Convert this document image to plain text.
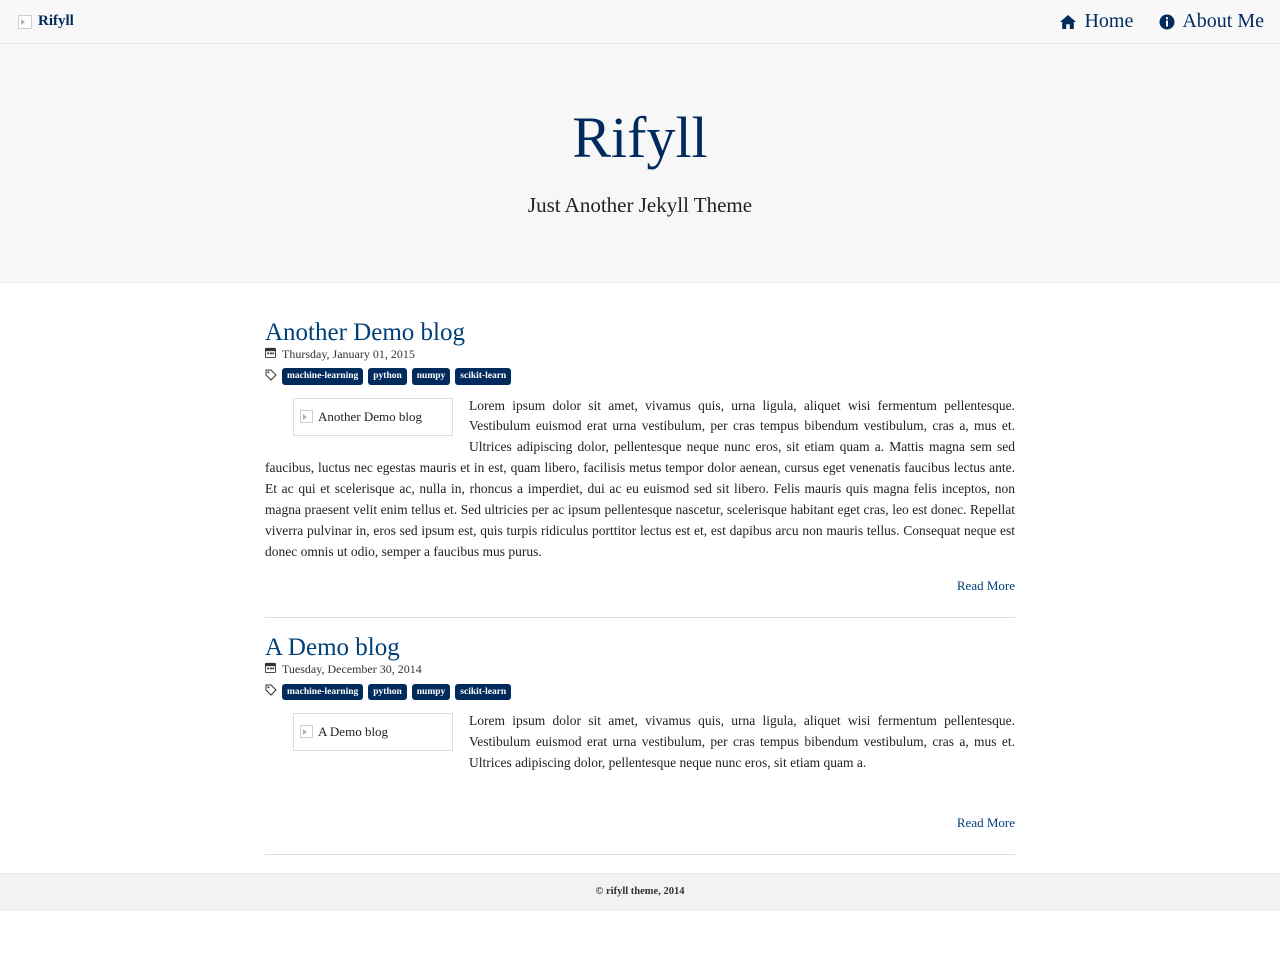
Rifyll	Home About Me
Rifyll

Just Another Jekyll Theme

Another Demo blog
Thursday, January 01, 2015
machine-learning	python	numpy	scikit-learn
Another Demo blog
Lorem ipsum dolor sit amet, vivamus quis, urna ligula, aliquet wisi fermentum pellentesque. Vestibulum euismod erat urna vestibulum, per cras tempus bibendum vestibulum, cras a, mus et. Ultrices adipiscing dolor, pellentesque neque nunc eros, sit etiam quam a. Mattis magna sem sed faucibus, luctus nec egestas mauris et in est, quam libero, facilisis metus tempor dolor aenean, cursus eget venenatis faucibus lectus ante. Et ac qui et scelerisque ac, nulla in, rhoncus a imperdiet, dui ac eu euismod sed sit libero. Felis mauris quis magna felis inceptos, non magna praesent velit enim tellus et. Sed ultricies per ac ipsum pellentesque nascetur, scelerisque habitant eget cras, leo est donec. Repellat viverra pulvinar in, eros sed ipsum est, quis turpis ridiculus porttitor lectus est et, est dapibus arcu non mauris tellus. Consequat neque est donec omnis ut odio, semper a faucibus mus purus.
Read More
A Demo blog
Tuesday, December 30, 2014
machine-learning	python	numpy	scikit-learn
A Demo blog
Lorem ipsum dolor sit amet, vivamus quis, urna ligula, aliquet wisi fermentum pellentesque. Vestibulum euismod erat urna vestibulum, per cras tempus bibendum vestibulum, cras a, mus et. Ultrices adipiscing dolor, pellentesque neque nunc eros, sit etiam quam a.
Read More
© rifyll theme, 2014
